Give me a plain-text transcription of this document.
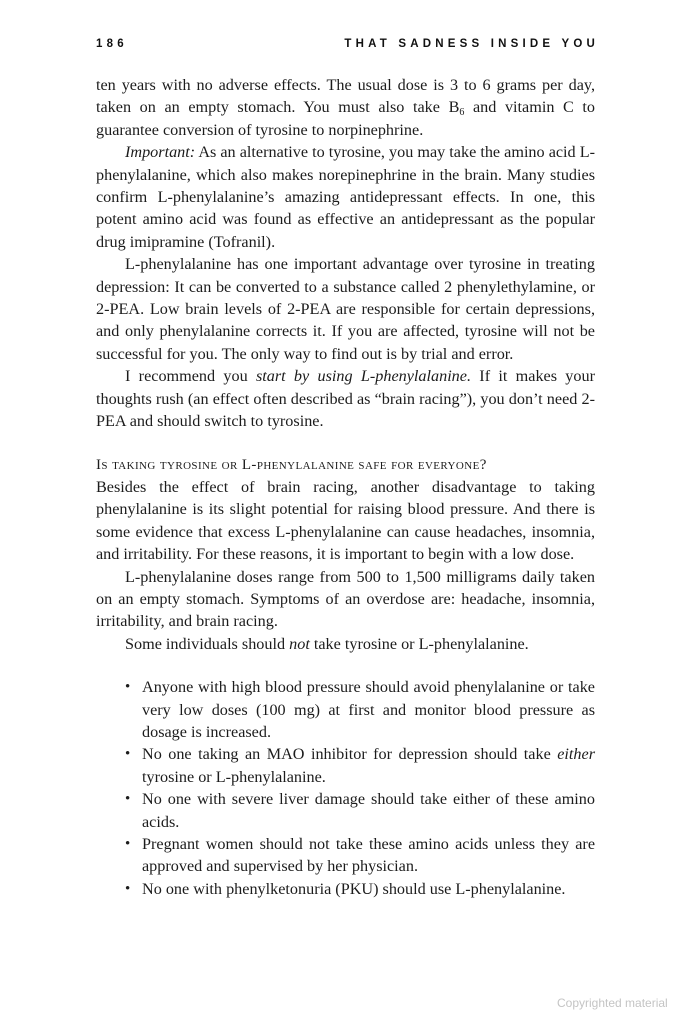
186	THAT SADNESS INSIDE YOU

ten years with no adverse effects. The usual dose is 3 to 6 grams per day, taken on an empty stomach. You must also take $B_6$ and vitamin C to guarantee conversion of tyrosine to norpinephrine.

Important: As an alternative to tyrosine, you may take the amino acid L-phenylalanine, which also makes norepinephrine in the brain. Many studies confirm L-phenylalanine’s amazing antidepressant effects. In one, this potent amino acid was found as effective an antidepressant as the popular drug imipramine (Tofranil).

L-phenylalanine has one important advantage over tyrosine in treating depression: It can be converted to a substance called 2 phenylethylamine, or 2-PEA. Low brain levels of 2-PEA are responsible for certain depressions, and only phenylalanine corrects it. If you are affected, tyrosine will not be successful for you. The only way to find out is by trial and error.

I recommend you start by using L-phenylalanine. If it makes your thoughts rush (an effect often described as “brain racing”), you don’t need 2-PEA and should switch to tyrosine.

Is taking tyrosine or L-phenylalanine safe for everyone?

Besides the effect of brain racing, another disadvantage to taking phenylalanine is its slight potential for raising blood pressure. And there is some evidence that excess L-phenylalanine can cause headaches, insomnia, and irritability. For these reasons, it is important to begin with a low dose.

L-phenylalanine doses range from 500 to 1,500 milligrams daily taken on an empty stomach. Symptoms of an overdose are: headache, insomnia, irritability, and brain racing.

Some individuals should not take tyrosine or L-phenylalanine.

• Anyone with high blood pressure should avoid phenylalanine or take very low doses (100 mg) at first and monitor blood pressure as dosage is increased.
• No one taking an MAO inhibitor for depression should take either tyrosine or L-phenylalanine.
• No one with severe liver damage should take either of these amino acids.
• Pregnant women should not take these amino acids unless they are approved and supervised by her physician.
• No one with phenylketonuria (PKU) should use L-phenylalanine.
Copyrighted material
